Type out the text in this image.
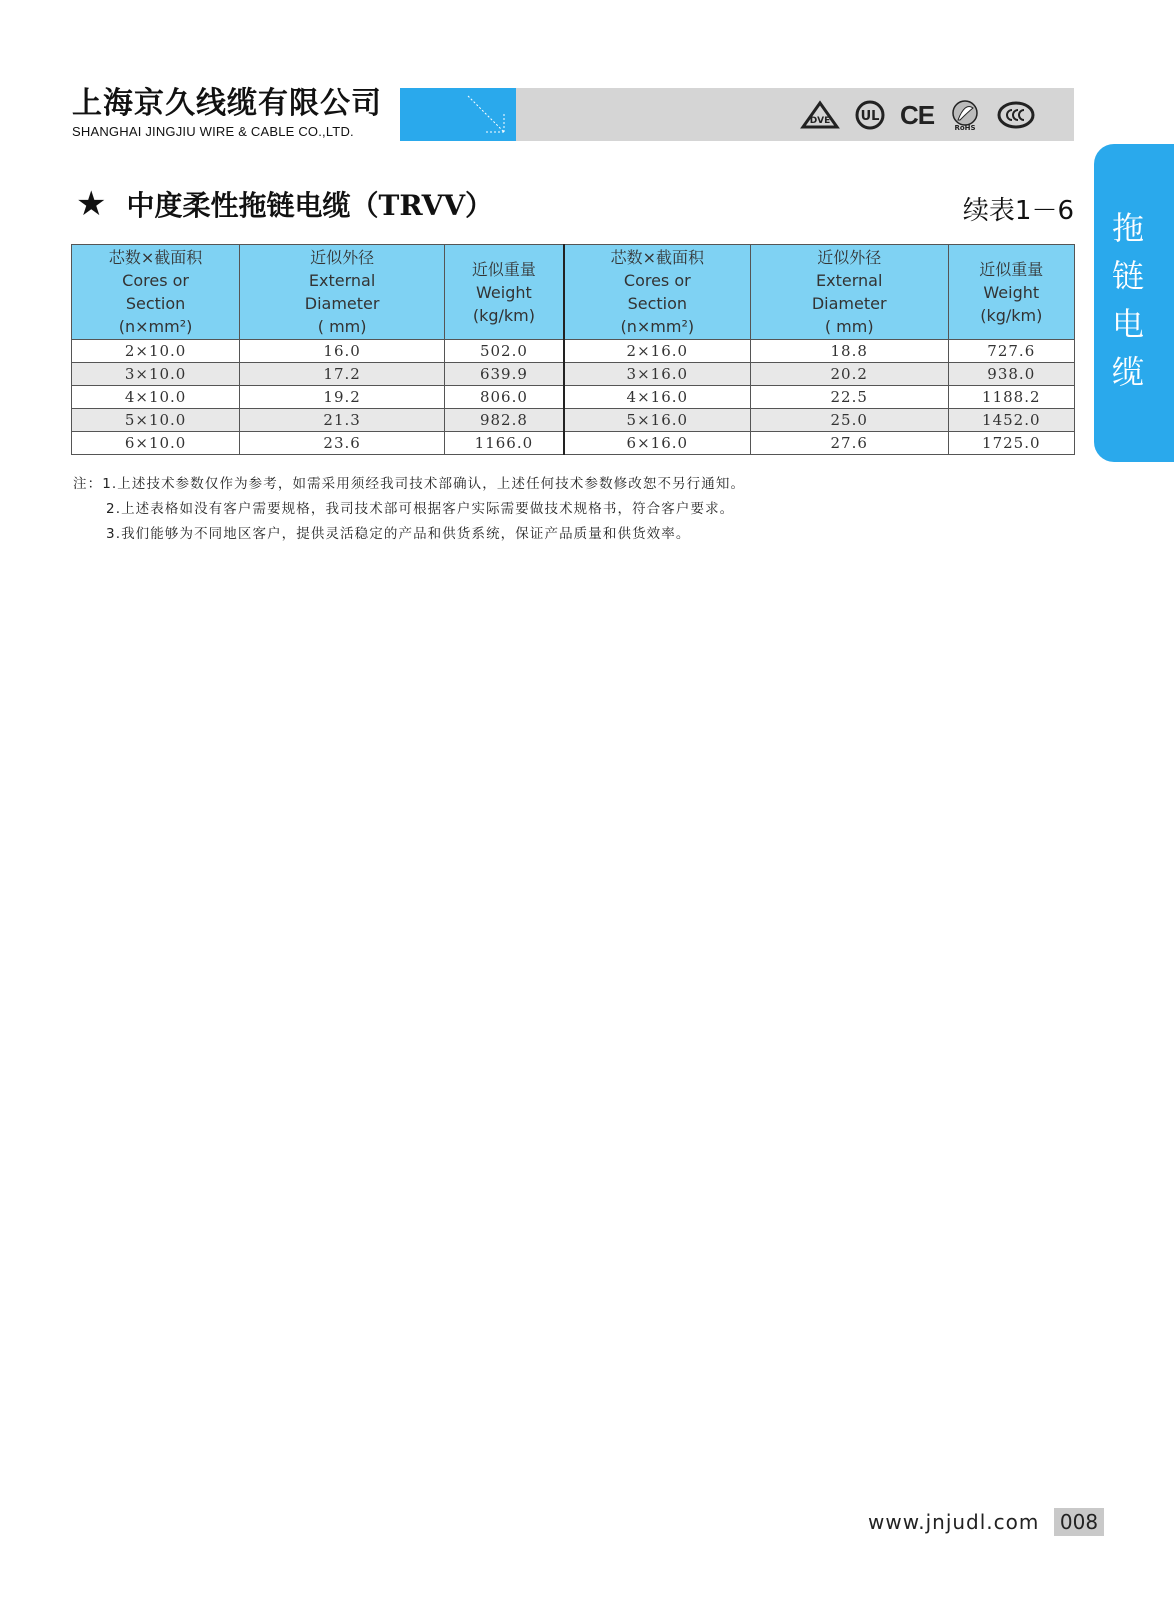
上海京久线缆有限公司
SHANGHAI JINGJIU WIRE & CABLE CO.,LTD.
DVE UL CE	RoHS
拖链电缆
★ 中度柔性拖链电缆（TRVV）	续表1－6
芯数×截面积
Cores or
Section
(n×mm²)	近似外径
External
Diameter
( mm)	近似重量
Weight
(kg/km)	芯数×截面积
Cores or
Section
(n×mm²)	近似外径
External
Diameter
( mm)	近似重量
Weight
(kg/km)

2×10.0	16.0	502.0	2×16.0	18.8	727.6
3×10.0	17.2	639.9	3×16.0	20.2	938.0
4×10.0	19.2	806.0	4×16.0	22.5	1188.2
5×10.0	21.3	982.8	5×16.0	25.0	1452.0
6×10.0	23.6	1166.0	6×16.0	27.6	1725.0
注：1.上述技术参数仅作为参考，如需采用须经我司技术部确认，上述任何技术参数修改恕不另行通知。
2.上述表格如没有客户需要规格，我司技术部可根据客户实际需要做技术规格书，符合客户要求。
3.我们能够为不同地区客户，提供灵活稳定的产品和供货系统，保证产品质量和供货效率。
www.jnjudl.com 008
